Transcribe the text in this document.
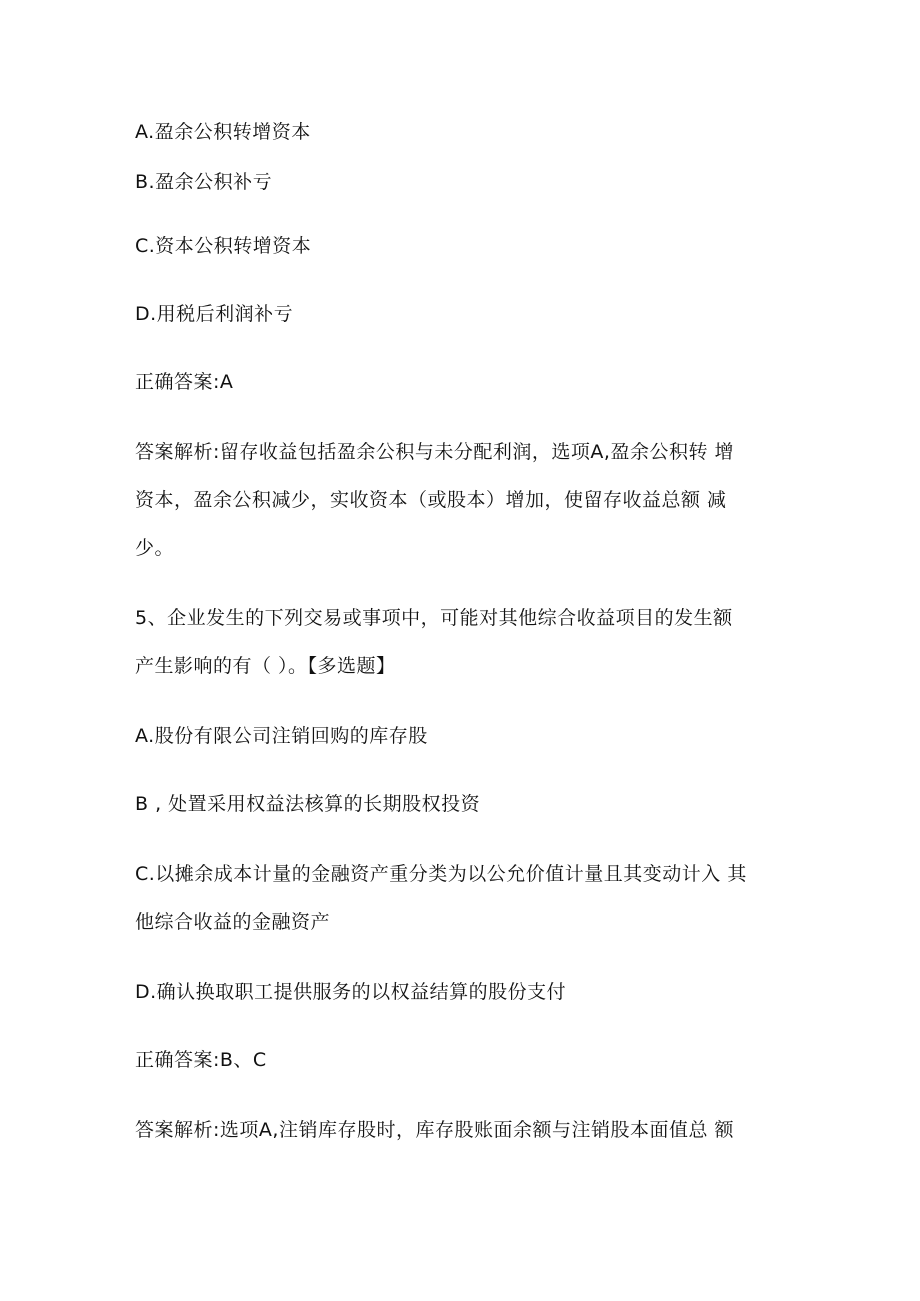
A.盈余公积转增资本
B.盈余公积补亏
C.资本公积转增资本
D.用税后利润补亏
正确答案:A
答案解析:留存收益包括盈余公积与未分配利润，选项A,盈余公积转 增
资本，盈余公积减少，实收资本（或股本）增加，使留存收益总额 减
少。
5、企业发生的下列交易或事项中，可能对其他综合收益项目的发生额
产生影响的有（ ）。【多选题】
A.股份有限公司注销回购的库存股
B , 处置采用权益法核算的长期股权投资
C.以摊余成本计量的金融资产重分类为以公允价值计量且其变动计入 其
他综合收益的金融资产
D.确认换取职工提供服务的以权益结算的股份支付
正确答案:B、C
答案解析:选项A,注销库存股时，库存股账面余额与注销股本面值总 额
